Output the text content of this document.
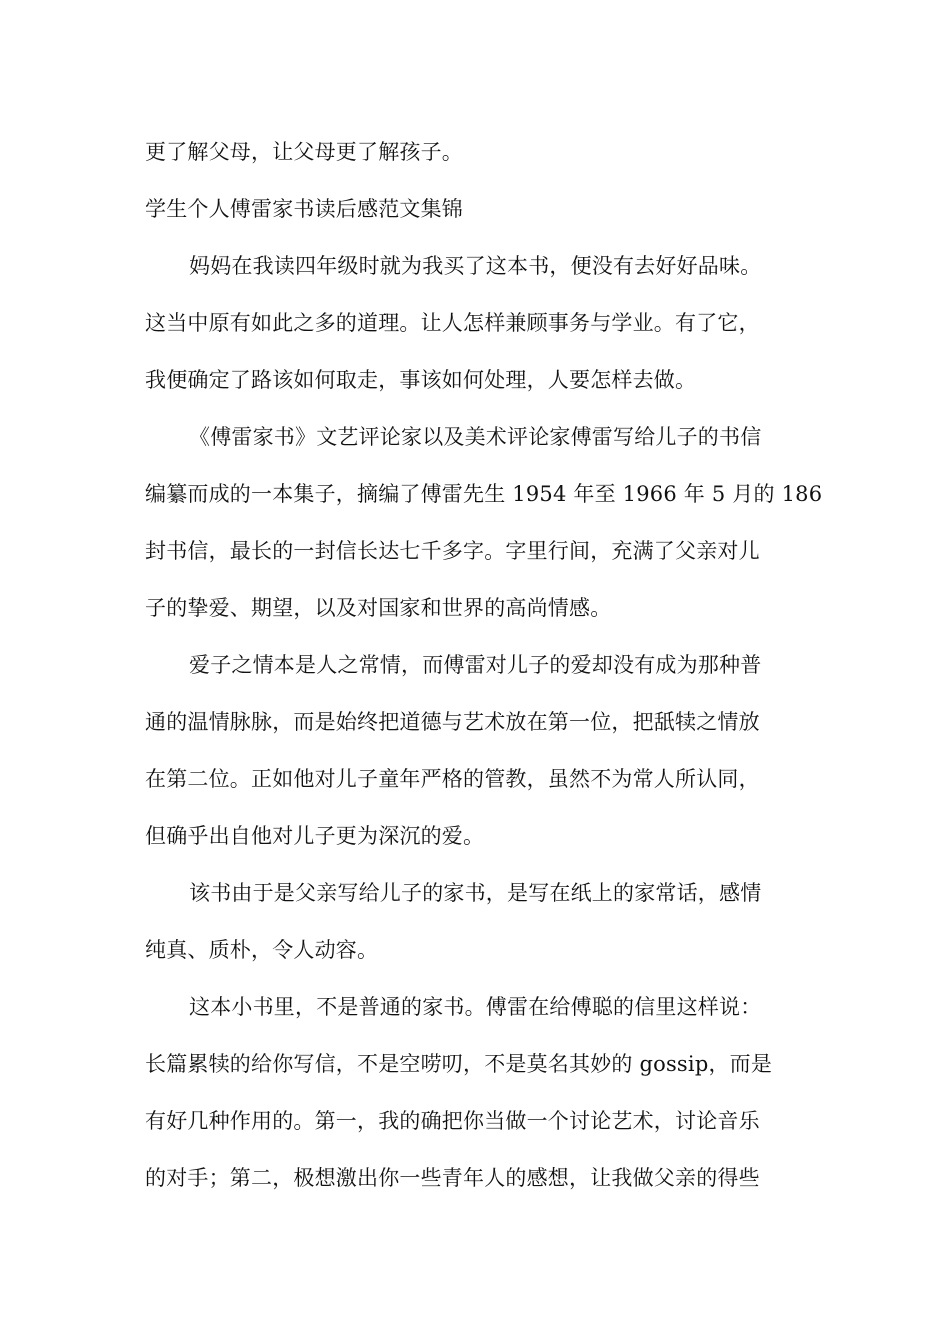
更了解父母，让父母更了解孩子。
学生个人傅雷家书读后感范文集锦
妈妈在我读四年级时就为我买了这本书，便没有去好好品味。
这当中原有如此之多的道理。让人怎样兼顾事务与学业。有了它，
我便确定了路该如何取走，事该如何处理，人要怎样去做。
《傅雷家书》文艺评论家以及美术评论家傅雷写给儿子的书信
编纂而成的一本集子，摘编了傅雷先生 1954 年至 1966 年 5 月的 186
封书信，最长的一封信长达七千多字。字里行间，充满了父亲对儿
子的挚爱、期望，以及对国家和世界的高尚情感。
爱子之情本是人之常情，而傅雷对儿子的爱却没有成为那种普
通的温情脉脉，而是始终把道德与艺术放在第一位，把舐犊之情放
在第二位。正如他对儿子童年严格的管教，虽然不为常人所认同，
但确乎出自他对儿子更为深沉的爱。
该书由于是父亲写给儿子的家书，是写在纸上的家常话，感情
纯真、质朴，令人动容。
这本小书里，不是普通的家书。傅雷在给傅聪的信里这样说：
长篇累犊的给你写信，不是空唠叨，不是莫名其妙的 gossip，而是
有好几种作用的。第一，我的确把你当做一个讨论艺术，讨论音乐
的对手；第二，极想激出你一些青年人的感想，让我做父亲的得些
